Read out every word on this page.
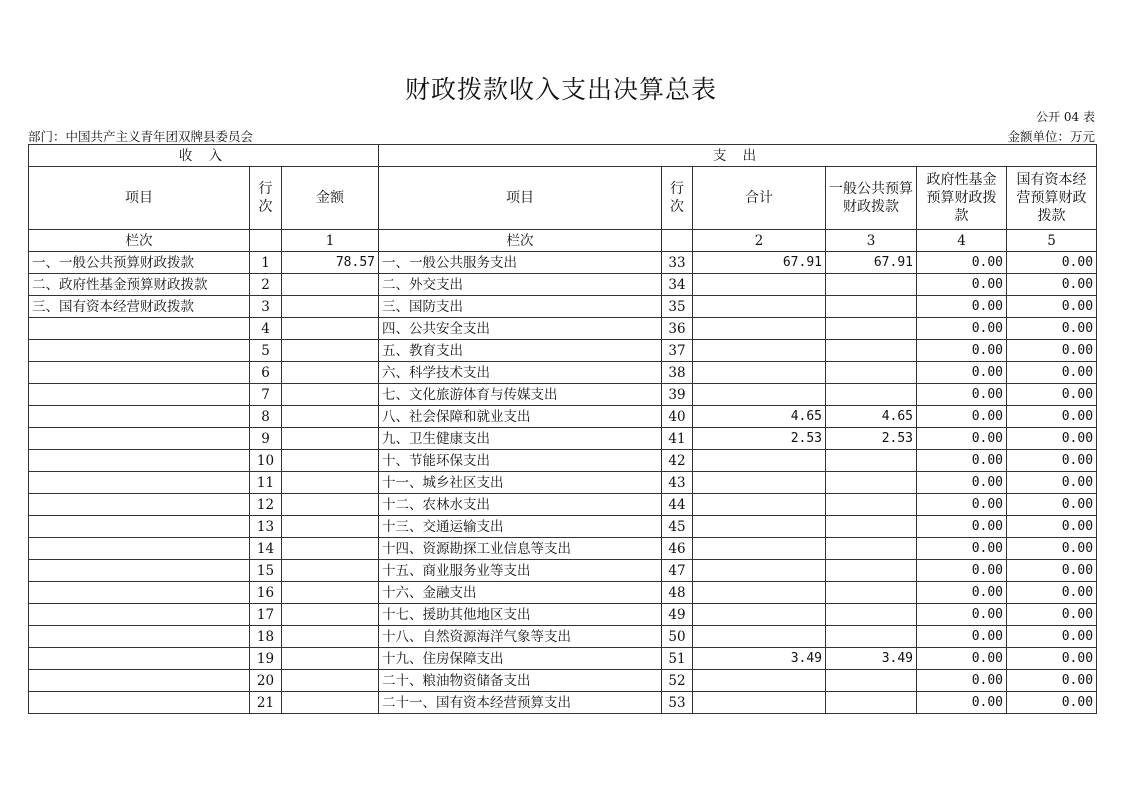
财政拨款收入支出决算总表
公开 04 表
部门：中国共产主义青年团双牌县委员会	金额单位：万元
收 入			支 出					
项目	行次	金额	项目	行次	合计	一般公共预算财政拨款	政府性基金预算财政拨款	国有资本经营预算财政拨款
栏次		1	栏次		2	3	4	5
一、一般公共预算财政拨款	1	78.57	一、一般公共服务支出	33	67.91	67.91	0.00	0.00
二、政府性基金预算财政拨款	2		二、外交支出	34			0.00	0.00
三、国有资本经营财政拨款	3		三、国防支出	35			0.00	0.00
	4		四、公共安全支出	36			0.00	0.00
	5		五、教育支出	37			0.00	0.00
	6		六、科学技术支出	38			0.00	0.00
	7		七、文化旅游体育与传媒支出	39			0.00	0.00
	8		八、社会保障和就业支出	40	4.65	4.65	0.00	0.00
	9		九、卫生健康支出	41	2.53	2.53	0.00	0.00
	10		十、节能环保支出	42			0.00	0.00
	11		十一、城乡社区支出	43			0.00	0.00
	12		十二、农林水支出	44			0.00	0.00
	13		十三、交通运输支出	45			0.00	0.00
	14		十四、资源勘探工业信息等支出	46			0.00	0.00
	15		十五、商业服务业等支出	47			0.00	0.00
	16		十六、金融支出	48			0.00	0.00
	17		十七、援助其他地区支出	49			0.00	0.00
	18		十八、自然资源海洋气象等支出	50			0.00	0.00
	19		十九、住房保障支出	51	3.49	3.49	0.00	0.00
	20		二十、粮油物资储备支出	52			0.00	0.00
	21		二十一、国有资本经营预算支出	53			0.00	0.00
